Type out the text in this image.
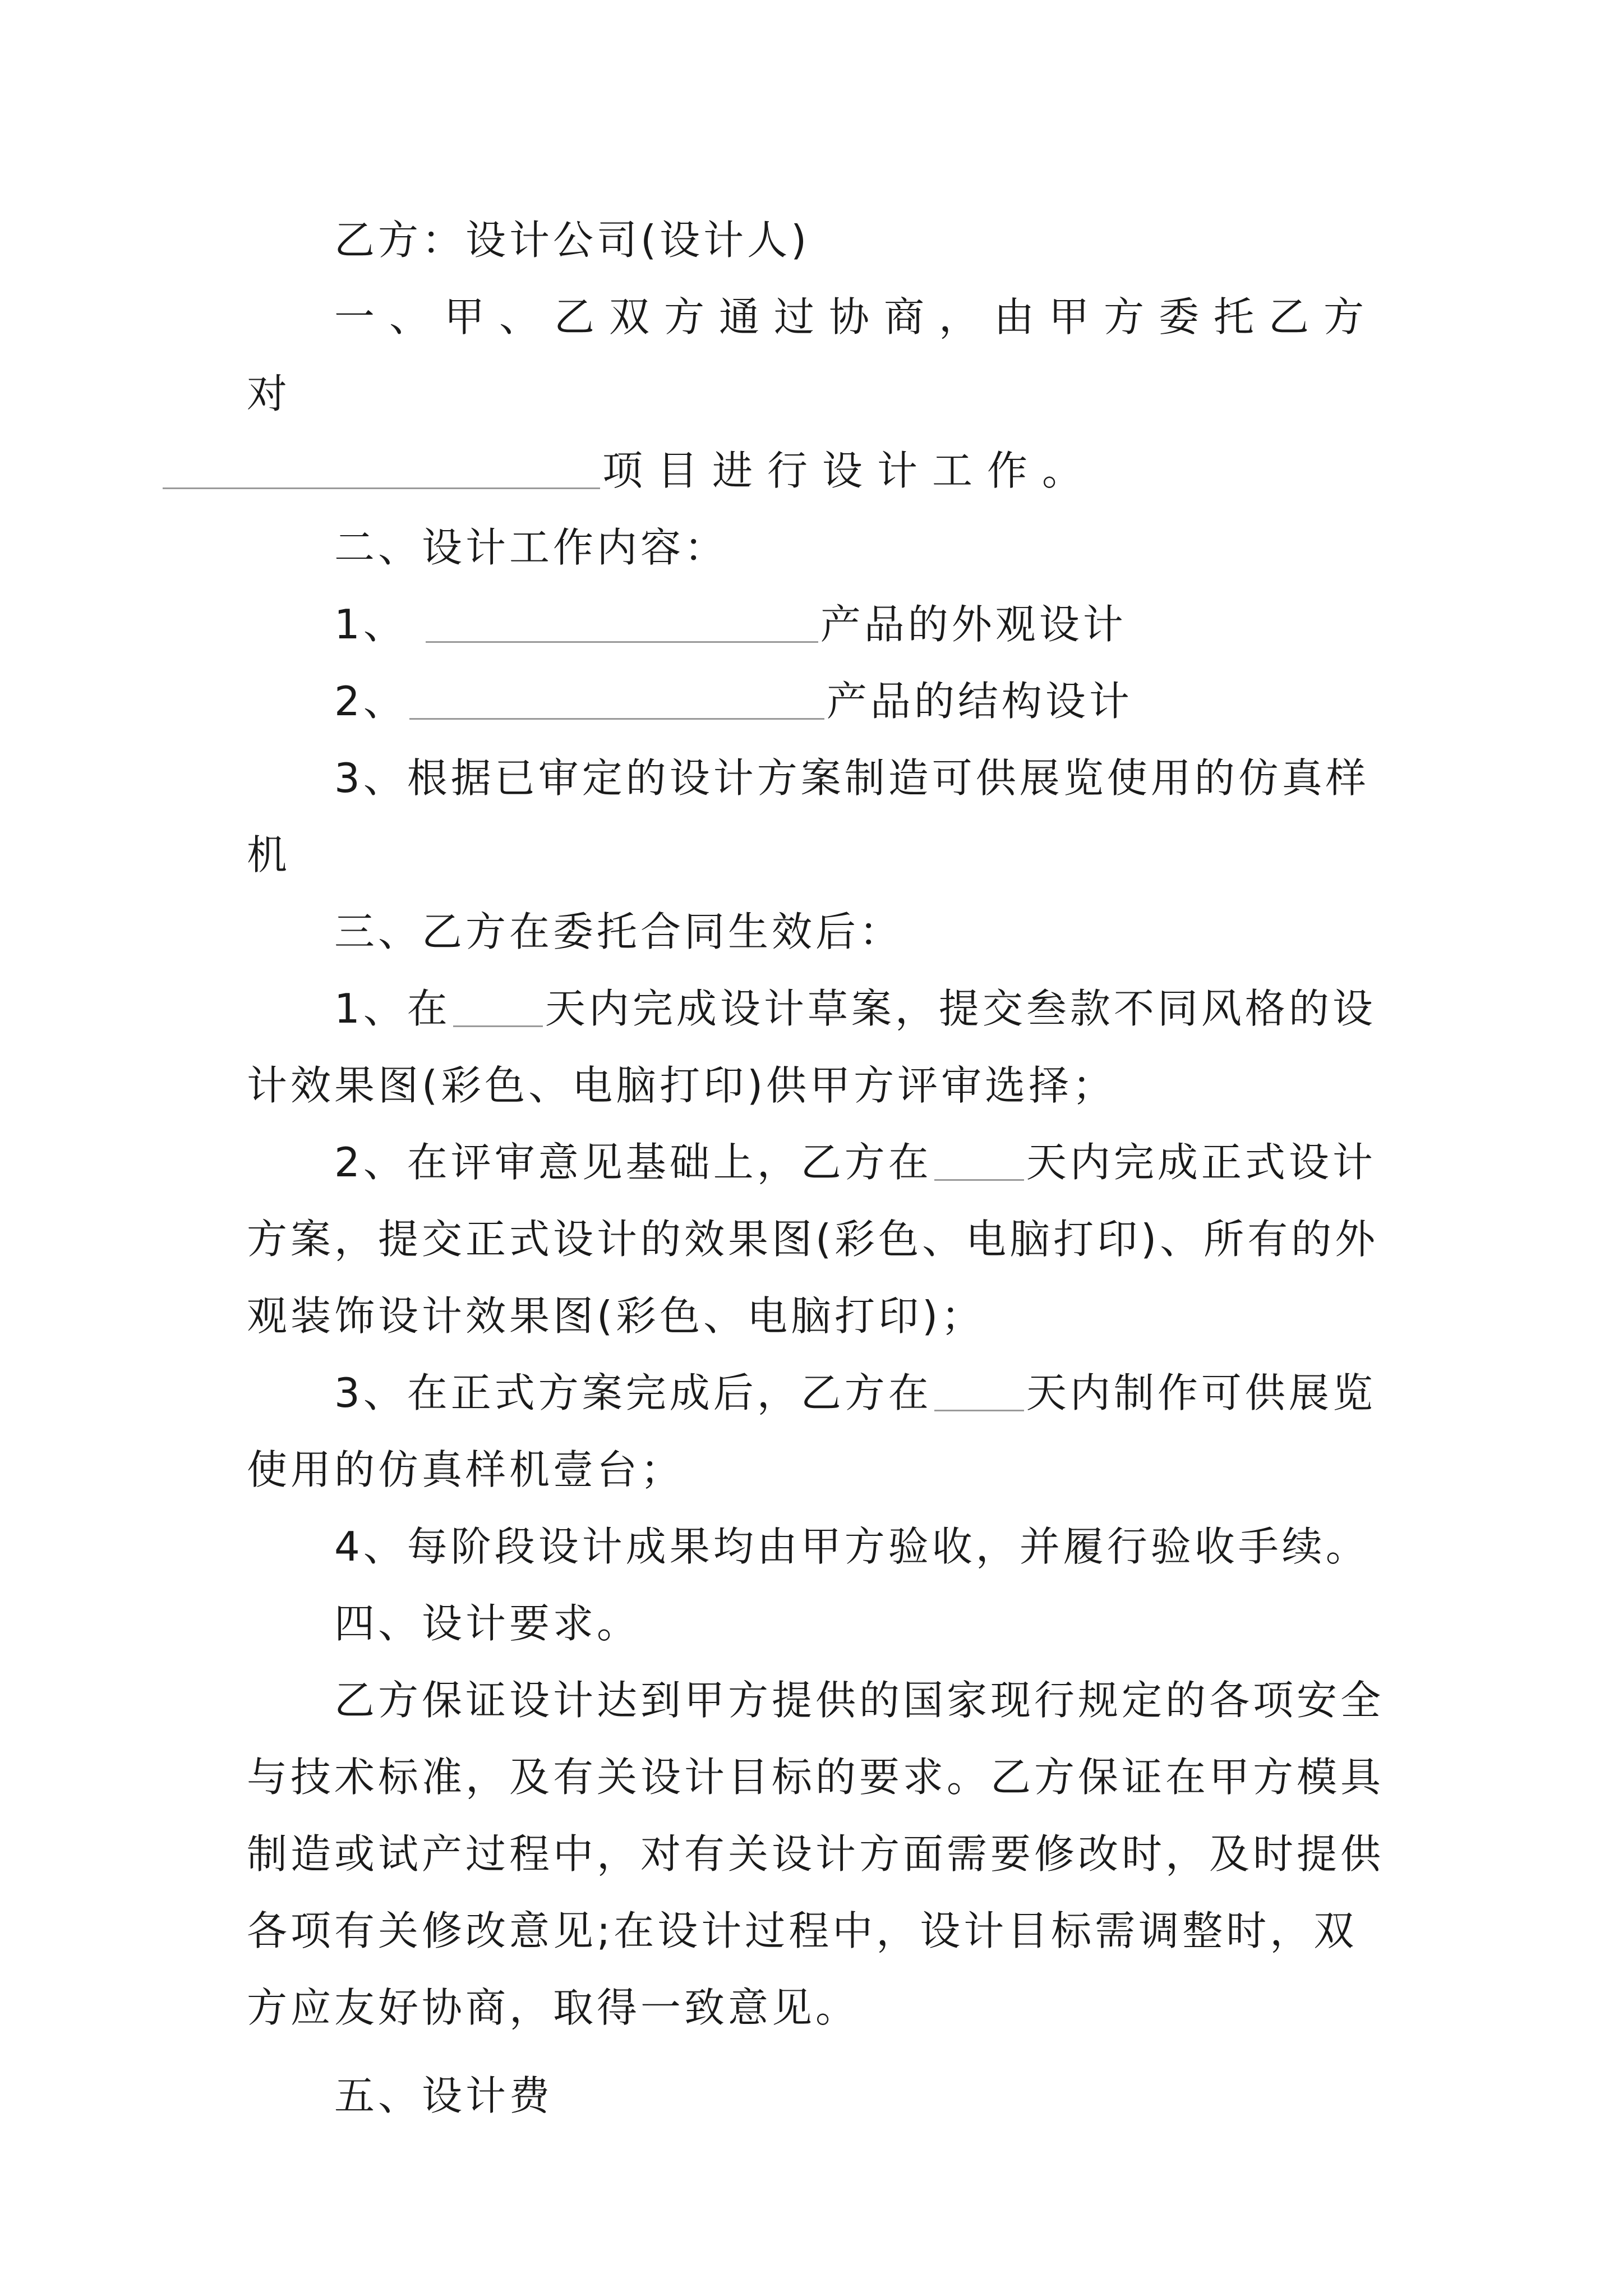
乙方：设计公司(设计人)

一、甲、乙双方通过协商，由甲方委托乙方对
项目进行设计工作。

二、设计工作内容：

1、	产品的外观设计

2、	产品的结构设计

3、根据已审定的设计方案制造可供展览使用的仿真样机

三、乙方在委托合同生效后：

1、在 天内完成设计草案，提交叁款不同风格的设计效果图(彩色、电脑打印)供甲方评审选择；

2、在评审意见基础上，乙方在 天内完成正式设计方案，提交正式设计的效果图(彩色、电脑打印)、所有的外观装饰设计效果图(彩色、电脑打印)；

3、在正式方案完成后，乙方在 天内制作可供展览使用的仿真样机壹台；

4、每阶段设计成果均由甲方验收，并履行验收手续。

四、设计要求。

乙方保证设计达到甲方提供的国家现行规定的各项安全与技术标准，及有关设计目标的要求。乙方保证在甲方模具制造或试产过程中，对有关设计方面需要修改时，及时提供各项有关修改意见;在设计过程中，设计目标需调整时，双方应友好协商，取得一致意见。

五、设计费
